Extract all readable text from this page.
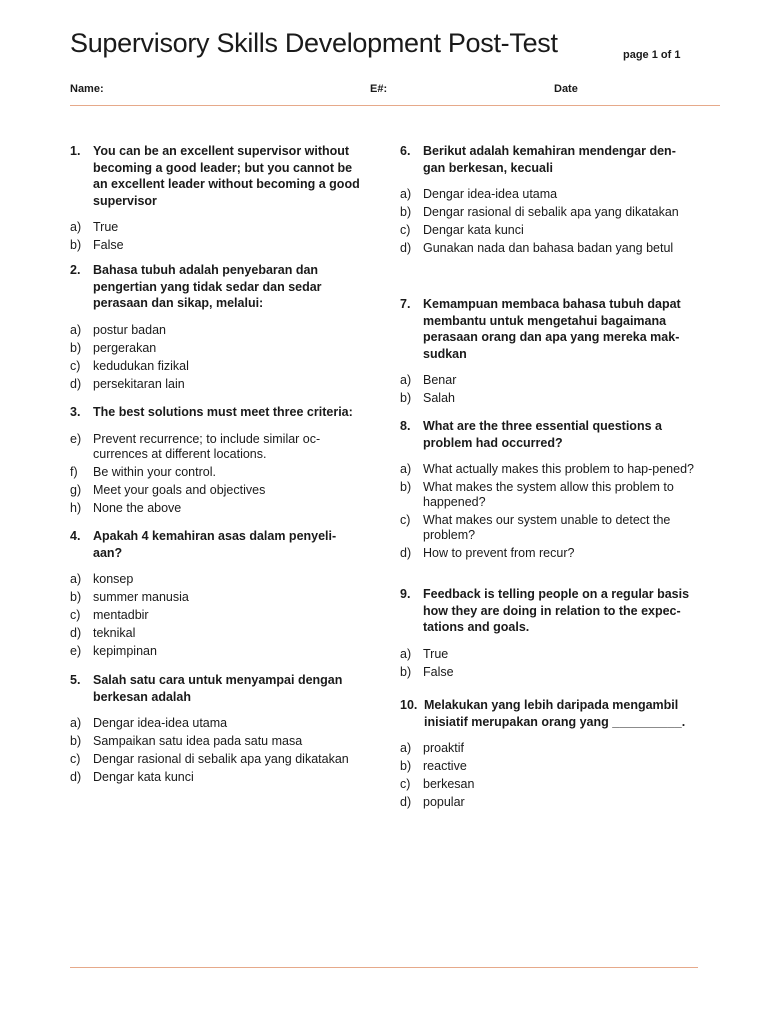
Supervisory Skills Development Post-Test	page 1 of 1
Name:	E#:	Date
1.	You can be an excellent supervisor without becoming a good leader; but you cannot be an excellent leader without becoming a good supervisor
a) True
b) False
2.	Bahasa tubuh adalah penyebaran dan pengertian yang tidak sedar dan sedar perasaan dan sikap, melalui:
a) postur badan
b) pergerakan
c)	kedudukan fizikal
d) persekitaran lain
3.	The best solutions must meet three criteria:
e) Prevent recurrence; to include similar oc-currences at different locations.
f)	Be within your control.
g) Meet your goals and objectives
h) None the above
4.	Apakah 4 kemahiran asas dalam penyeli-aan?
a) konsep
b) summer manusia
c)	mentadbir
d) teknikal
e) kepimpinan
5.	Salah satu cara untuk menyampai dengan berkesan adalah
a) Dengar idea-idea utama
b) Sampaikan satu idea pada satu masa
c)	Dengar rasional di sebalik apa yang dikatakan
d) Dengar kata kunci
6.	Berikut adalah kemahiran mendengar den-gan berkesan, kecuali
a) Dengar idea-idea utama
b) Dengar rasional di sebalik apa yang dikatakan
c)	Dengar kata kunci
d) Gunakan nada dan bahasa badan yang betul
7.	Kemampuan membaca bahasa tubuh dapat membantu untuk mengetahui bagaimana perasaan orang dan apa yang mereka mak-sudkan
a) Benar
b) Salah
8.	What are the three essential questions a problem had occurred?
a) What actually makes this problem to hap-pened?
b) What makes the system allow this problem to happened?
c)	What makes our system unable to detect the problem?
d) How to prevent from recur?
9.	Feedback is telling people on a regular basis how they are doing in relation to the expec-tations and goals.
a) True
b) False
10. Melakukan yang lebih daripada mengambil inisiatif merupakan orang yang __________.
a) proaktif
b) reactive
c)	berkesan
d) popular
